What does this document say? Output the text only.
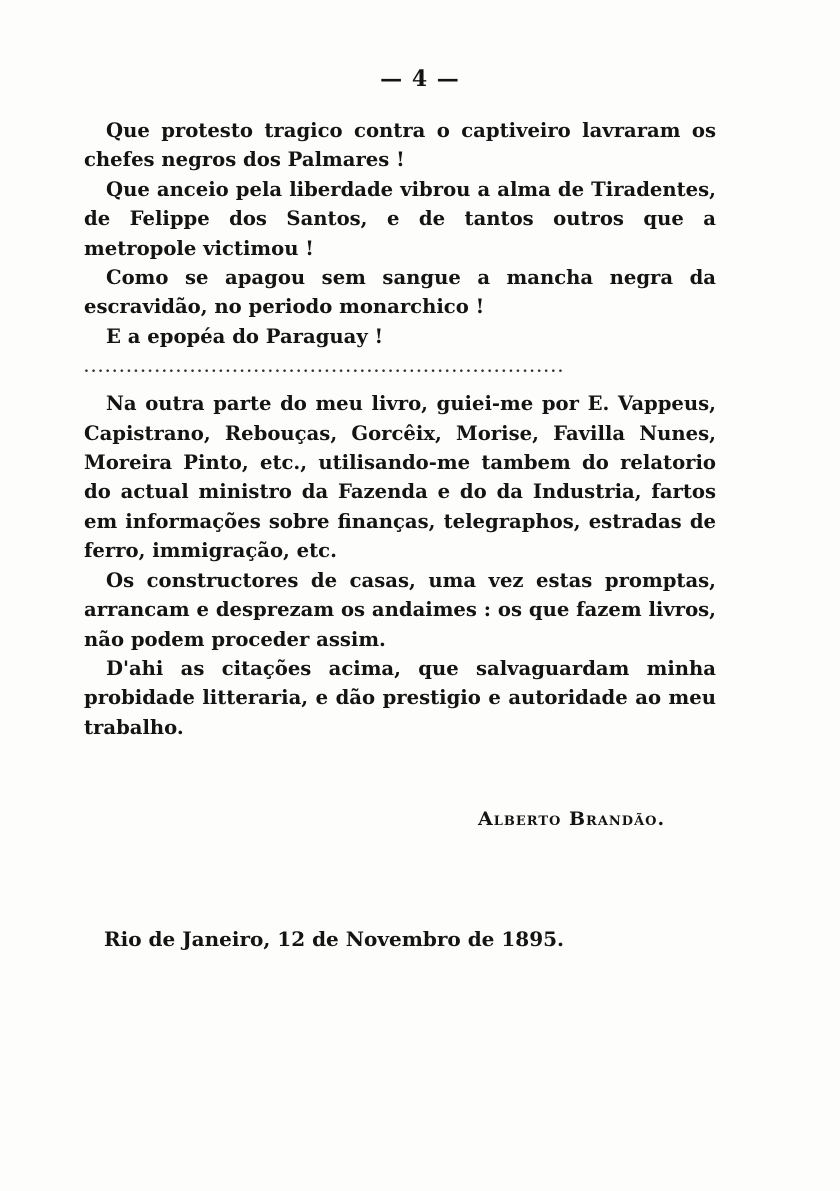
— 4 —

Que protesto tragico contra o captiveiro lavraram os chefes negros dos Palmares !

Que anceio pela liberdade vibrou a alma de Tiradentes, de Felippe dos Santos, e de tantos outros que a metropole victimou !

Como se apagou sem sangue a mancha negra da escravidão, no periodo monarchico !

E a epopéa do Paraguay !

....................................................................

Na outra parte do meu livro, guiei-me por E. Vappeus, Capistrano, Rebouças, Gorcêix, Morise, Favilla Nunes, Moreira Pinto, etc., utilisando-me tambem do relatorio do actual ministro da Fazenda e do da Industria, fartos em informações sobre finanças, telegraphos, estradas de ferro, immigração, etc.

Os constructores de casas, uma vez estas promptas, arrancam e desprezam os andaimes : os que fazem livros, não podem proceder assim.

D'ahi as citações acima, que salvaguardam minha probidade litteraria, e dão prestigio e autoridade ao meu trabalho.

Alberto Brandão.
Rio de Janeiro, 12 de Novembro de 1895.
